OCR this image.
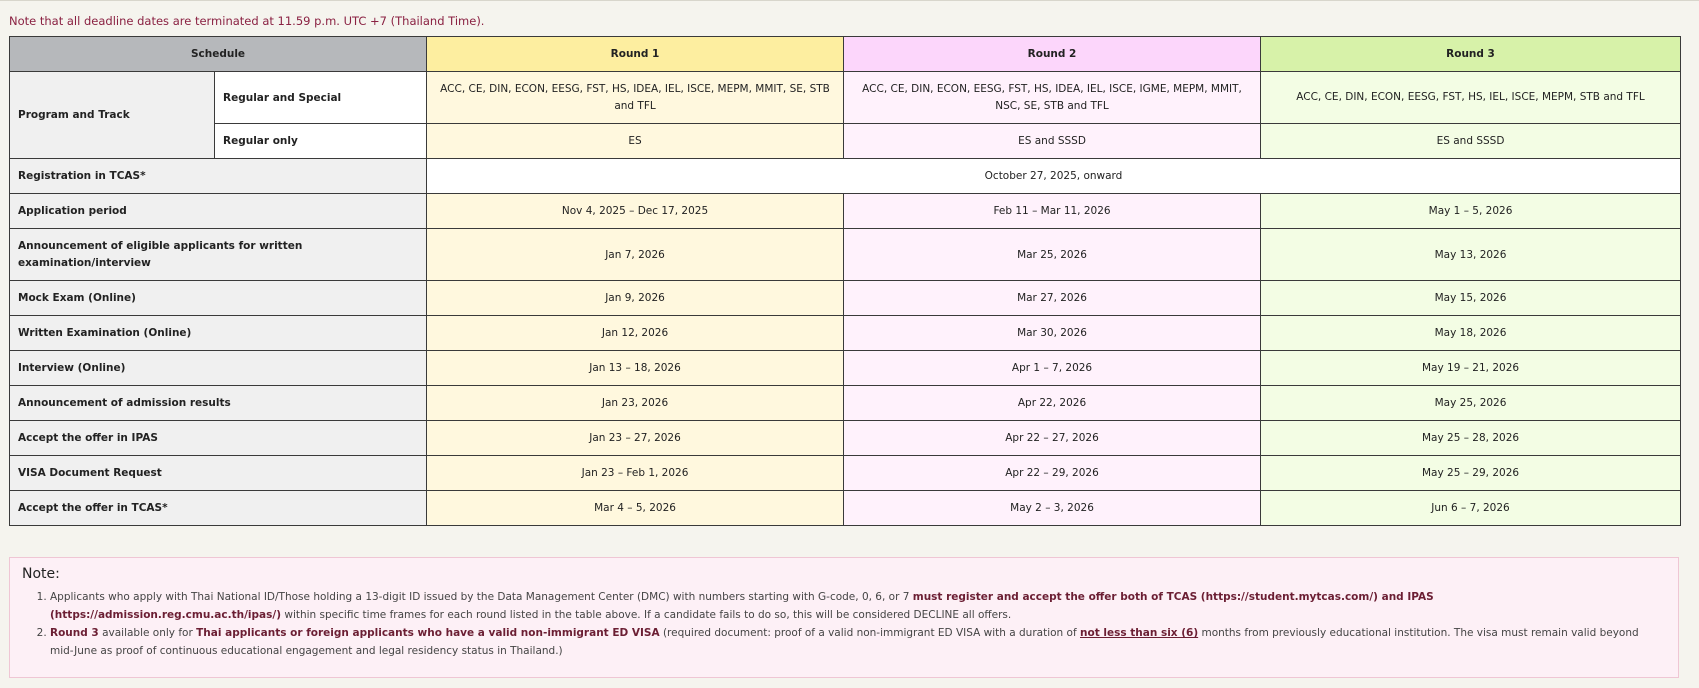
Note that all deadline dates are terminated at 11.59 p.m. UTC +7 (Thailand Time).
Schedule		Round 1	Round 2	Round 3
Program and Track	Regular and Special	ACC, CE, DIN, ECON, EESG, FST, HS, IDEA, IEL, ISCE, MEPM, MMIT, SE, STB and TFL	ACC, CE, DIN, ECON, EESG, FST, HS, IDEA, IEL, ISCE, IGME, MEPM, MMIT, NSC, SE, STB and TFL	ACC, CE, DIN, ECON, EESG, FST, HS, IEL, ISCE, MEPM, STB and TFL
	Regular only	ES	ES and SSSD	ES and SSSD
Registration in TCAS*		October 27, 2025, onward		
Application period		Nov 4, 2025 – Dec 17, 2025	Feb 11 – Mar 11, 2026	May 1 – 5, 2026
Announcement of eligible applicants for written examination/interview		Jan 7, 2026	Mar 25, 2026	May 13, 2026
Mock Exam (Online)		Jan 9, 2026	Mar 27, 2026	May 15, 2026
Written Examination (Online)		Jan 12, 2026	Mar 30, 2026	May 18, 2026
Interview (Online)		Jan 13 – 18, 2026	Apr 1 – 7, 2026	May 19 – 21, 2026
Announcement of admission results		Jan 23, 2026	Apr 22, 2026	May 25, 2026
Accept the offer in IPAS		Jan 23 – 27, 2026	Apr 22 – 27, 2026	May 25 – 28, 2026
VISA Document Request		Jan 23 – Feb 1, 2026	Apr 22 – 29, 2026	May 25 – 29, 2026
Accept the offer in TCAS*		Mar 4 – 5, 2026	May 2 – 3, 2026	Jun 6 – 7, 2026
Note:
1. Applicants who apply with Thai National ID/Those holding a 13-digit ID issued by the Data Management Center (DMC) with numbers starting with G-code, 0, 6, or 7 must register and accept the offer both of TCAS (https://student.mytcas.com/) and IPAS (https://admission.reg.cmu.ac.th/ipas/) within specific time frames for each round listed in the table above. If a candidate fails to do so, this will be considered DECLINE all offers.
2. Round 3 available only for Thai applicants or foreign applicants who have a valid non-immigrant ED VISA (required document: proof of a valid non-immigrant ED VISA with a duration of not less than six (6) months from previously educational institution. The visa must remain valid beyond mid-June as proof of continuous educational engagement and legal residency status in Thailand.)
